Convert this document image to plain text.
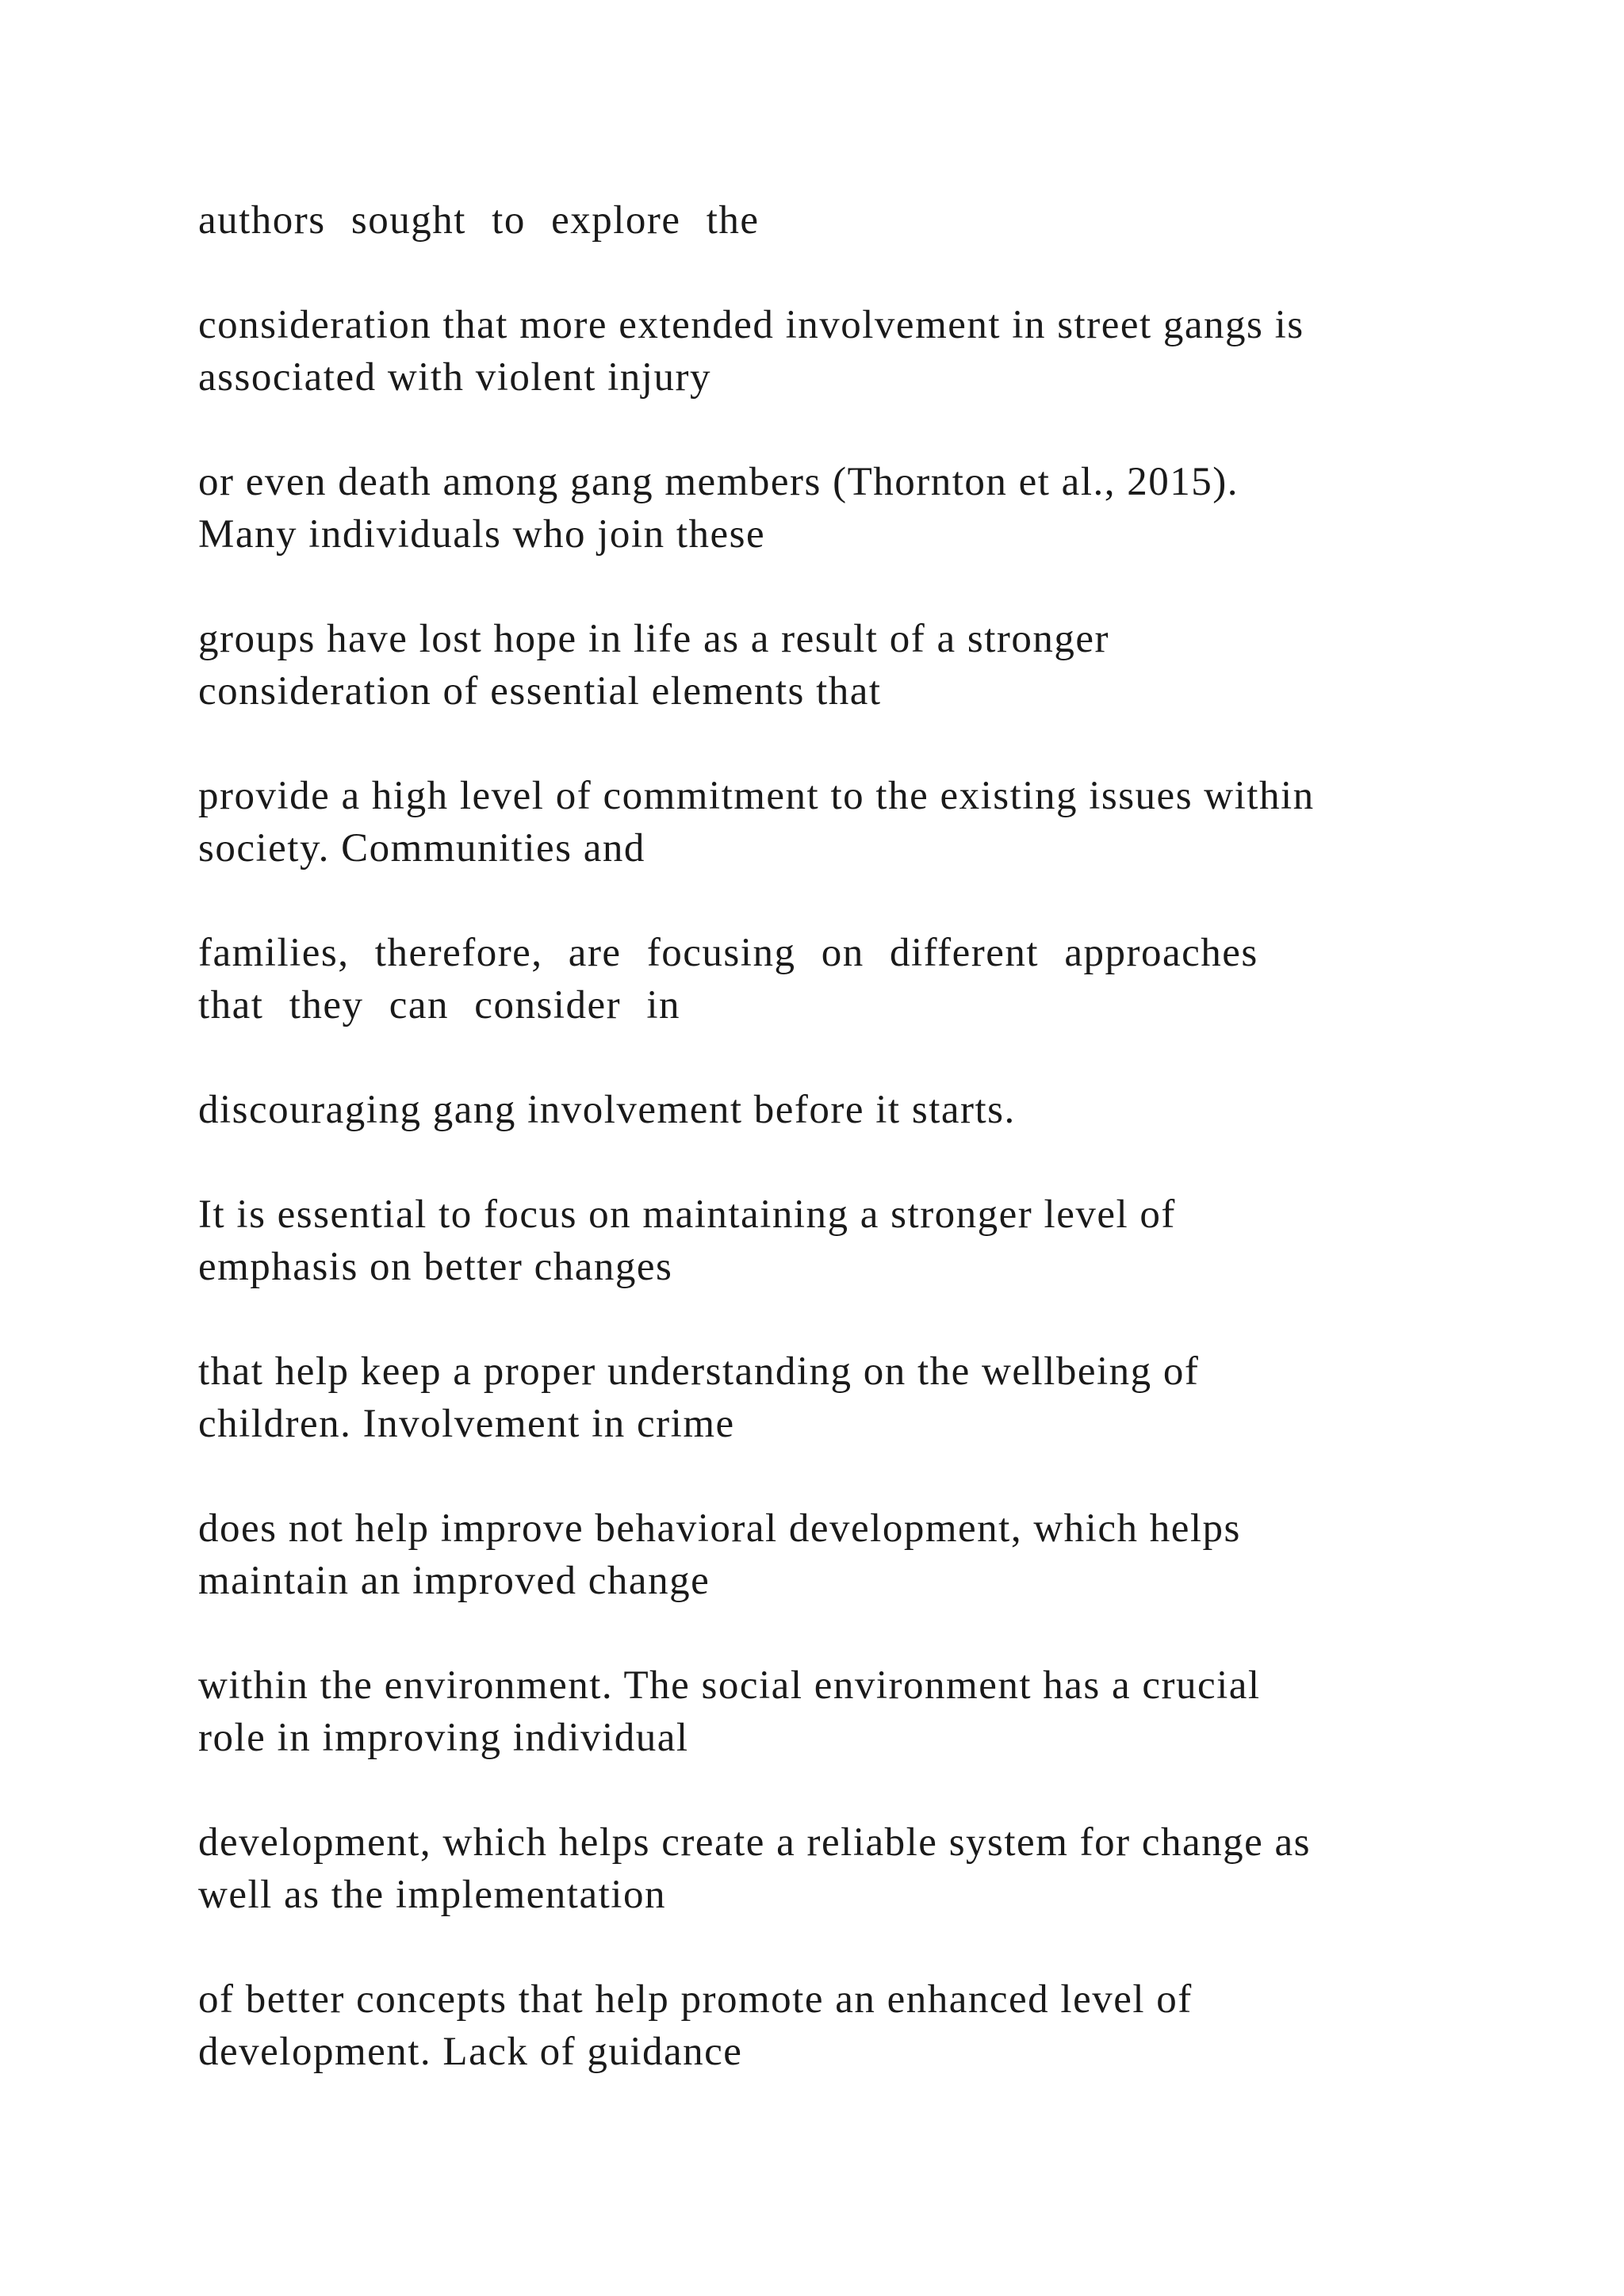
authors sought to explore the

consideration that more extended involvement in street gangs is
associated with violent injury

or even death among gang members (Thornton et al., 2015).
Many individuals who join these

groups have lost hope in life as a result of a stronger
consideration of essential elements that

provide a high level of commitment to the existing issues within
society. Communities and

families, therefore, are focusing on different approaches
that they can consider in

discouraging gang involvement before it starts.

It is essential to focus on maintaining a stronger level of
emphasis on better changes

that help keep a proper understanding on the wellbeing of
children. Involvement in crime

does not help improve behavioral development, which helps
maintain an improved change

within the environment. The social environment has a crucial
role in improving individual

development, which helps create a reliable system for change as
well as the implementation

of better concepts that help promote an enhanced level of
development. Lack of guidance
